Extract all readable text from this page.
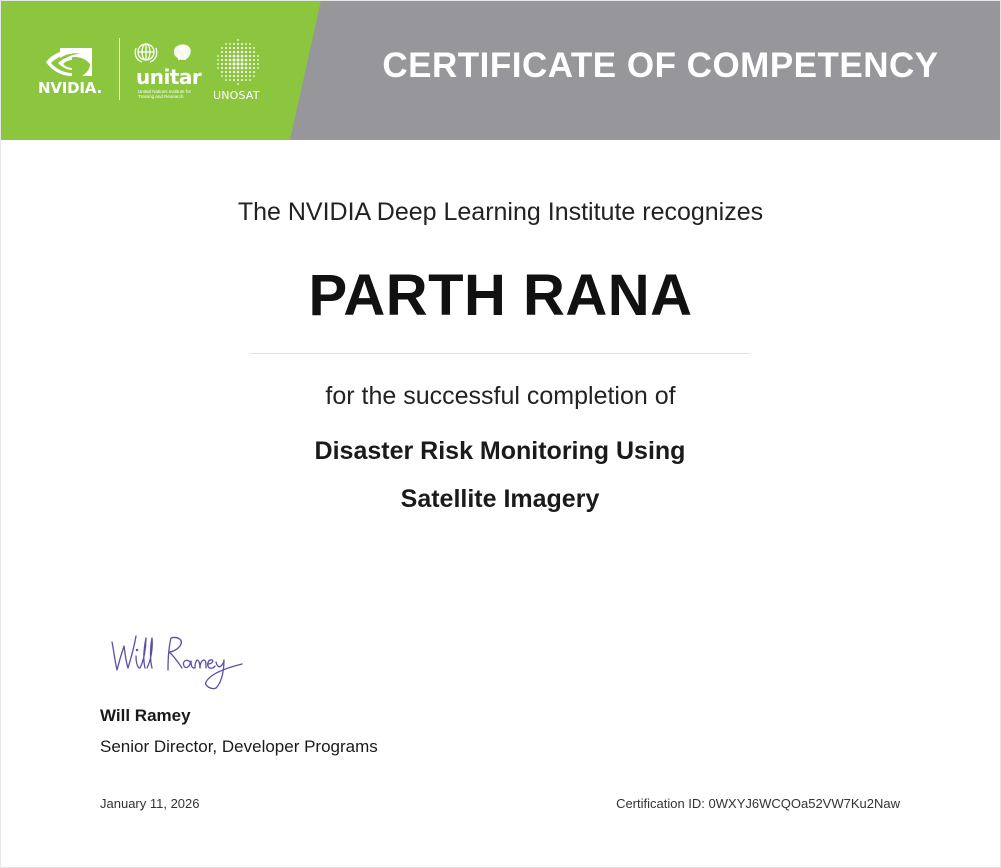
NVIDIA. unitar
United Nations Institute for Training and Research	UNOSAT
CERTIFICATE OF COMPETENCY
The NVIDIA Deep Learning Institute recognizes
PARTH RANA
for the successful completion of
Disaster Risk Monitoring Using
Satellite Imagery
Will Ramey
Senior Director, Developer Programs
January 11, 2026	Certification ID: 0WXYJ6WCQOa52VW7Ku2Naw
